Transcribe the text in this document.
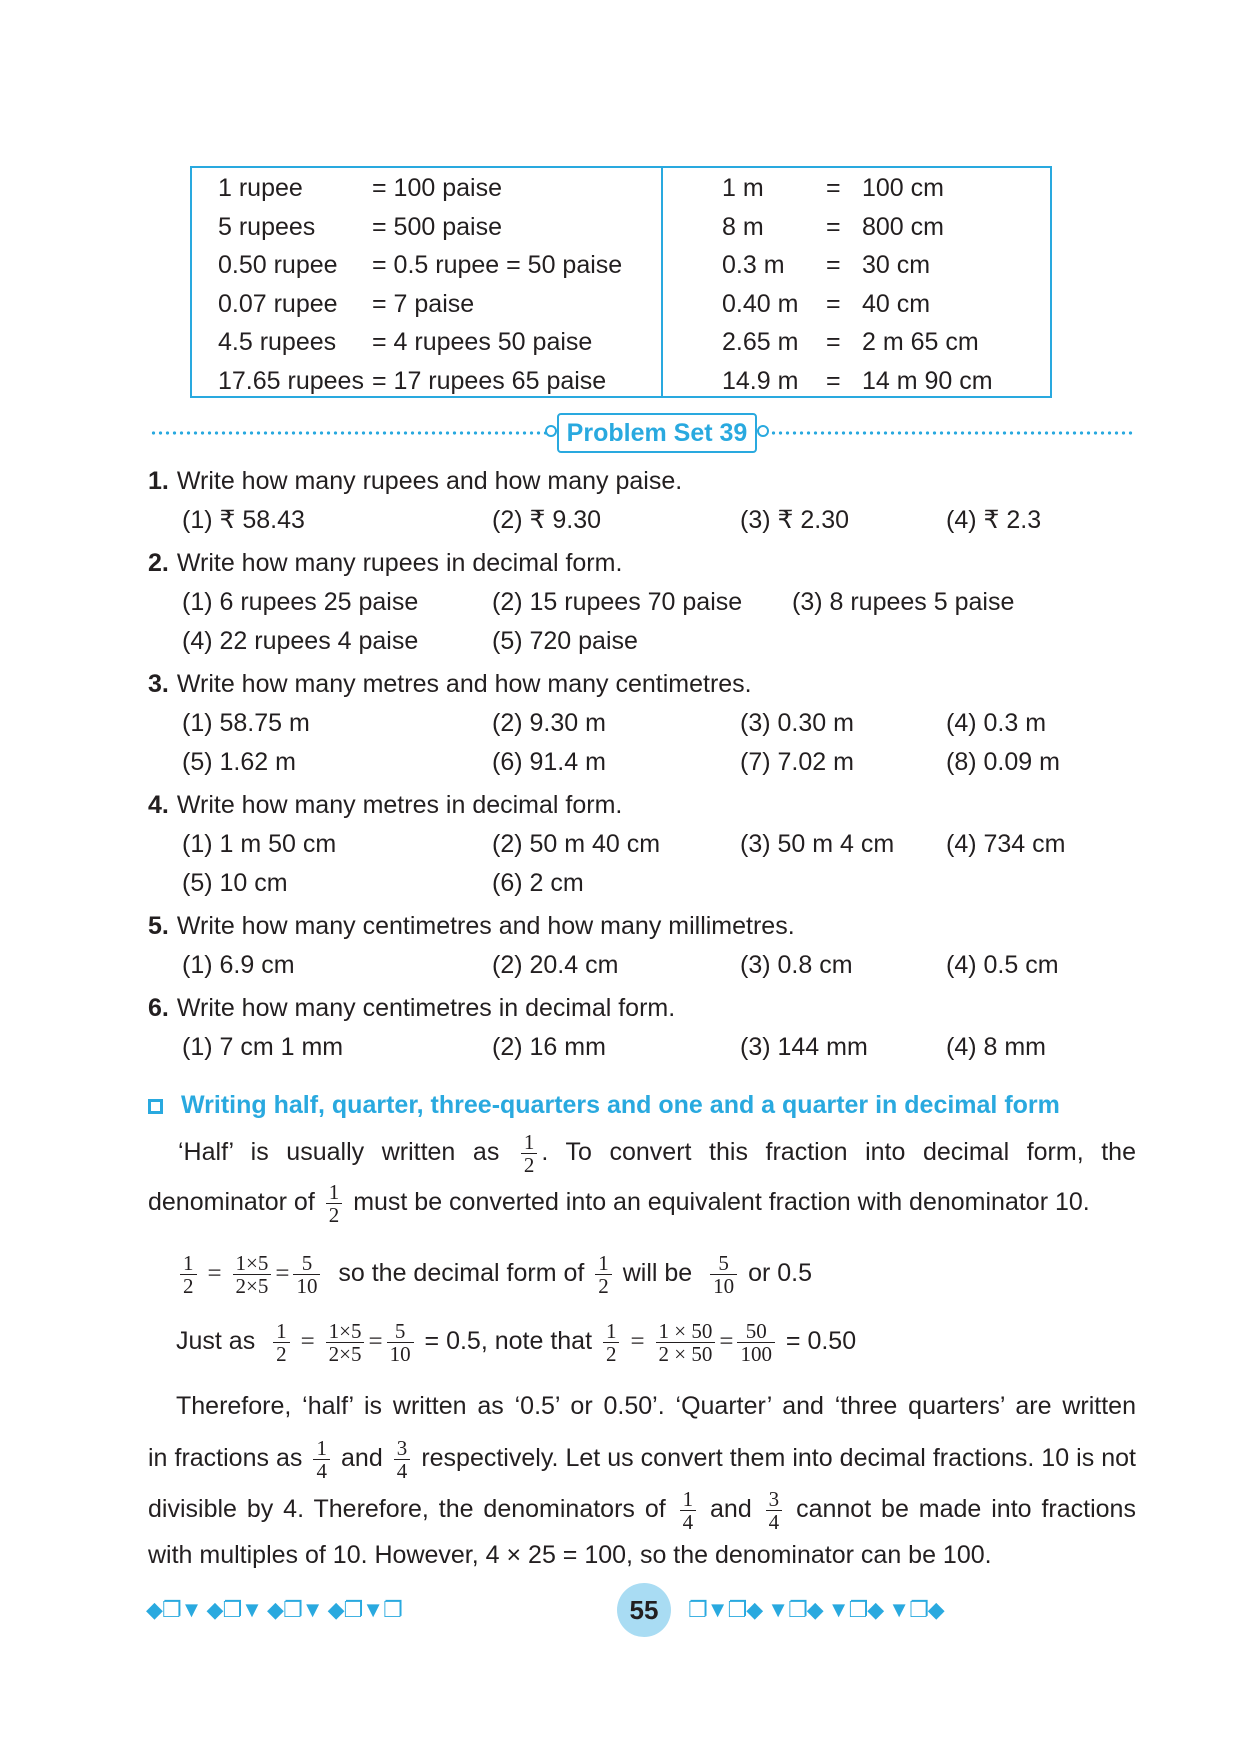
1 rupee	= 100 paise	1 m = 100 cm
5 rupees = 500 paise	8 m = 800 cm
0.50 rupee = 0.5 rupee = 50 paise	0.3 m = 30 cm
0.07 rupee = 7 paise	0.40 m = 40 cm
4.5 rupees = 4 rupees 50 paise	2.65 m = 2 m 65 cm
17.65 rupees = 17 rupees 65 paise	14.9 m = 14 m 90 cm
Problem Set 39
1. Write how many rupees and how many paise.
(1) ₹ 58.43	(2) ₹ 9.30	(3) ₹ 2.30	(4) ₹ 2.3
2. Write how many rupees in decimal form.
(1) 6 rupees 25 paise	(2) 15 rupees 70 paise (3) 8 rupees 5 paise
(4) 22 rupees 4 paise	(5) 720 paise
3. Write how many metres and how many centimetres.
(1) 58.75 m	(2) 9.30 m	(3) 0.30 m	(4) 0.3 m
(5) 1.62 m	(6) 91.4 m	(7) 7.02 m	(8) 0.09 m
4. Write how many metres in decimal form.
(1) 1 m 50 cm	(2) 50 m 40 cm	(3) 50 m 4 cm (4) 734 cm
(5) 10 cm	(6) 2 cm
5. Write how many centimetres and how many millimetres.
(1) 6.9 cm	(2) 20.4 cm	(3) 0.8 cm	(4) 0.5 cm
6. Write how many centimetres in decimal form.
(1) 7 cm 1 mm	(2) 16 mm	(3) 144 mm	(4) 8 mm
Writing half, quarter, three-quarters and one and a quarter in decimal form
‘Half’ is usually written as $\frac{1}{2}$ . To convert this fraction into decimal form, the
denominator of $\frac{1}{2}$ must be converted into an equivalent fraction with denominator 10.
$\frac{1}{2} = \frac{1\times 5}{2\times 5} = \frac{5}{10}$ so the decimal form of $\frac{1}{2}$ will be $\frac{5}{10}$ or 0.5
Just as $\frac{1}{2} = \frac{1\times 5}{2\times 5} = \frac{5}{10} = 0.5$, note that $\frac{1}{2} = \frac{1 \times 50}{2 \times 50} = \frac{50}{100} = 0.50$
Therefore, ‘half’ is written as ‘0.5’ or 0.50’. ‘Quarter’ and ‘three quarters’ are written
in fractions as $\frac{1}{4}$ and $\frac{3}{4}$ respectively. Let us convert them into decimal fractions. 10 is not
divisible by 4. Therefore, the denominators of $\frac{1}{4}$ and $\frac{3}{4}$ cannot be made into fractions
with multiples of 10. However, 4 × 25 = 100, so the denominator can be 100.
◆❐▼ ◆❐▼ ◆❐▼ ◆❐▼❐	55	❐▼❐◆ ▼❐◆ ▼❐◆ ▼❐◆
